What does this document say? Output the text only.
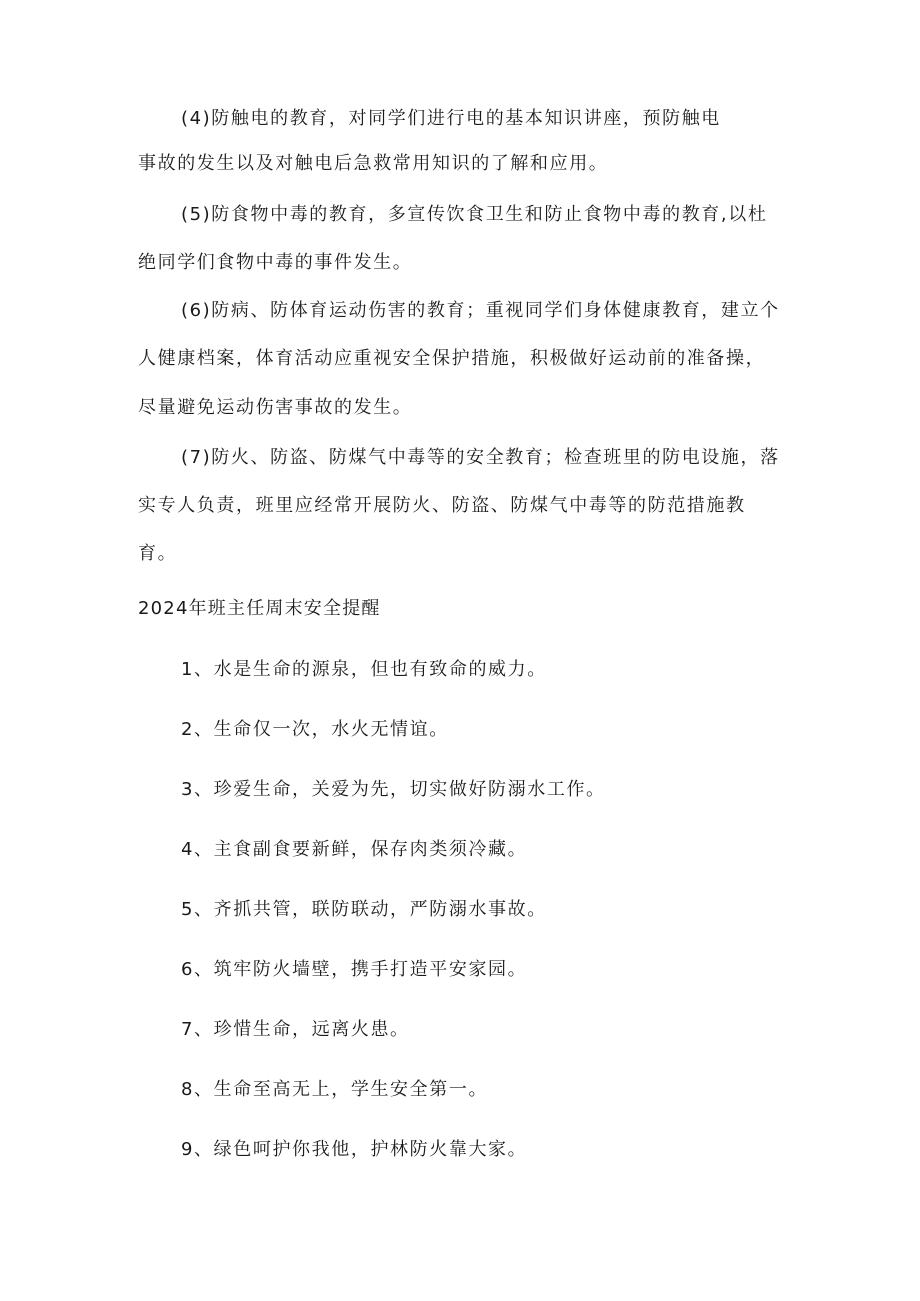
(4)防触电的教育，对同学们进行电的基本知识讲座，预防触电
事故的发生以及对触电后急救常用知识的了解和应用。
(5)防食物中毒的教育，多宣传饮食卫生和防止食物中毒的教育,以杜
绝同学们食物中毒的事件发生。
(6)防病、防体育运动伤害的教育；重视同学们身体健康教育，建立个
人健康档案，体育活动应重视安全保护措施，积极做好运动前的准备操，
尽量避免运动伤害事故的发生。
(7)防火、防盗、防煤气中毒等的安全教育；检查班里的防电设施，落
实专人负责，班里应经常开展防火、防盗、防煤气中毒等的防范措施教
育。
2024年班主任周末安全提醒
1、水是生命的源泉，但也有致命的威力。
2、生命仅一次，水火无情谊。
3、珍爱生命，关爱为先，切实做好防溺水工作。
4、主食副食要新鲜，保存肉类须冷藏。
5、齐抓共管，联防联动，严防溺水事故。
6、筑牢防火墙壁，携手打造平安家园。
7、珍惜生命，远离火患。
8、生命至高无上，学生安全第一。
9、绿色呵护你我他，护林防火靠大家。
